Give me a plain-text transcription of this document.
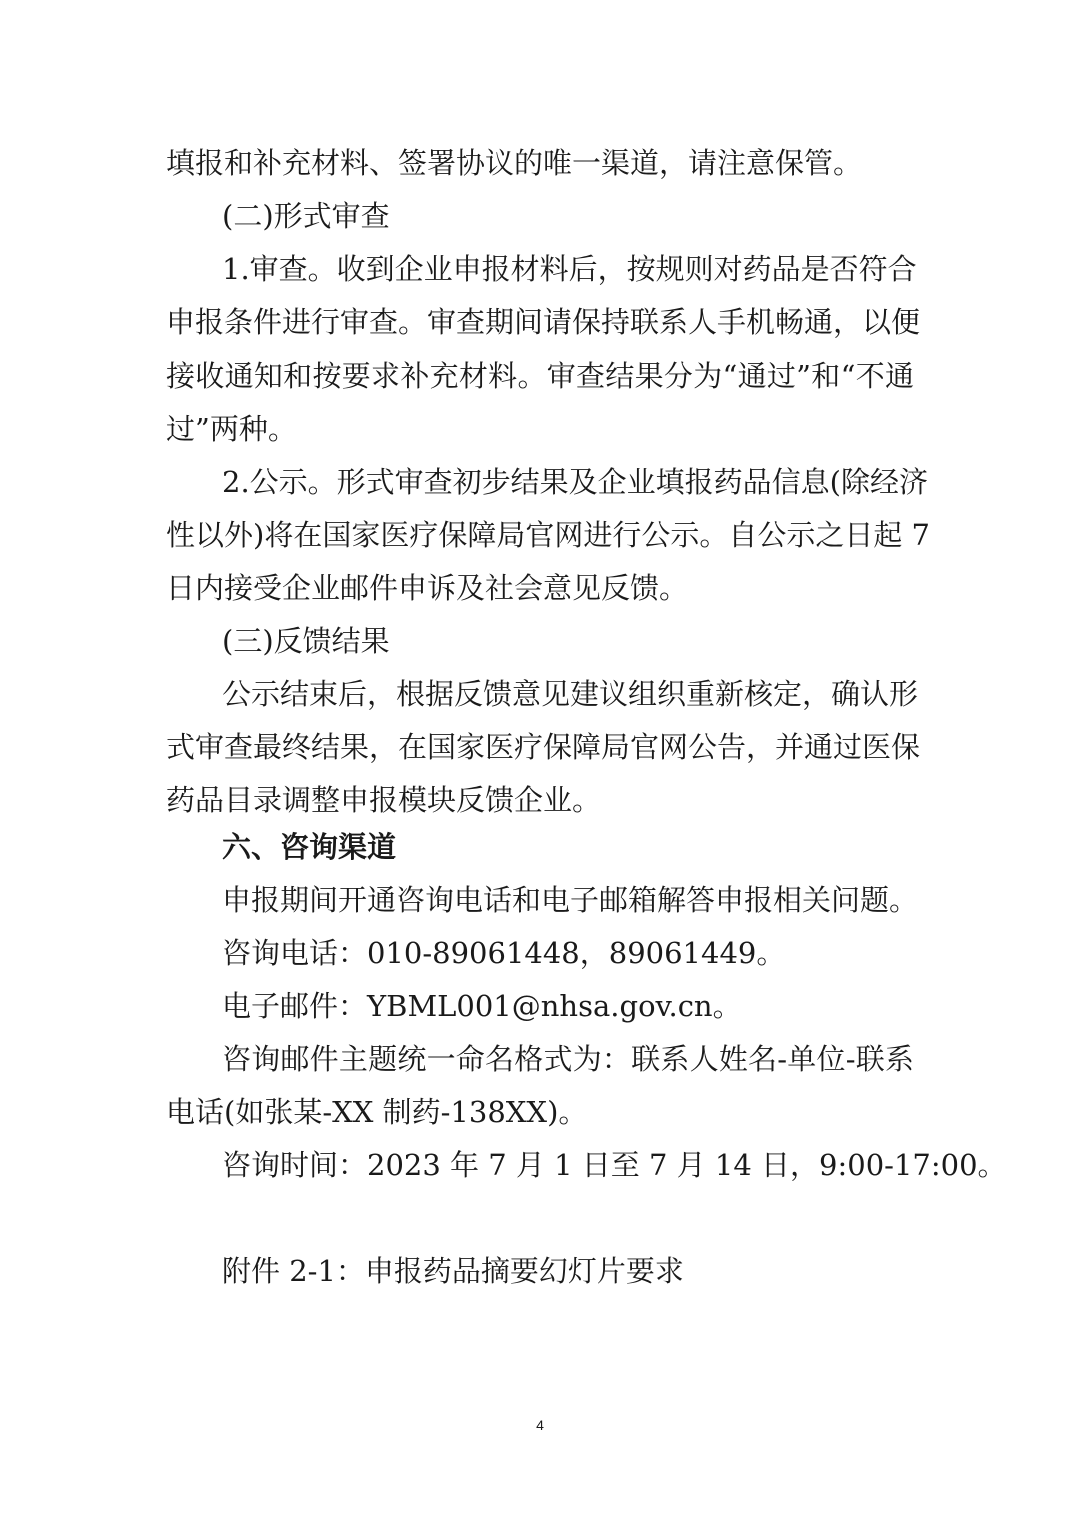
填报和补充材料、签署协议的唯一渠道，请注意保管。
(二)形式审查
1.审查。收到企业申报材料后，按规则对药品是否符合
申报条件进行审查。审查期间请保持联系人手机畅通，以便
接收通知和按要求补充材料。审查结果分为“通过”和“不通
过”两种。
2.公示。形式审查初步结果及企业填报药品信息(除经济
性以外)将在国家医疗保障局官网进行公示。自公示之日起 7
日内接受企业邮件申诉及社会意见反馈。
(三)反馈结果
公示结束后，根据反馈意见建议组织重新核定，确认形
式审查最终结果，在国家医疗保障局官网公告，并通过医保
药品目录调整申报模块反馈企业。
六、咨询渠道
申报期间开通咨询电话和电子邮箱解答申报相关问题。
咨询电话：010-89061448，89061449。
电子邮件：YBML001@nhsa.gov.cn。
咨询邮件主题统一命名格式为：联系人姓名-单位-联系
电话(如张某-XX 制药-138XX)。
咨询时间：2023 年 7 月 1 日至 7 月 14 日，9:00-17:00。
附件 2-1：申报药品摘要幻灯片要求
4
